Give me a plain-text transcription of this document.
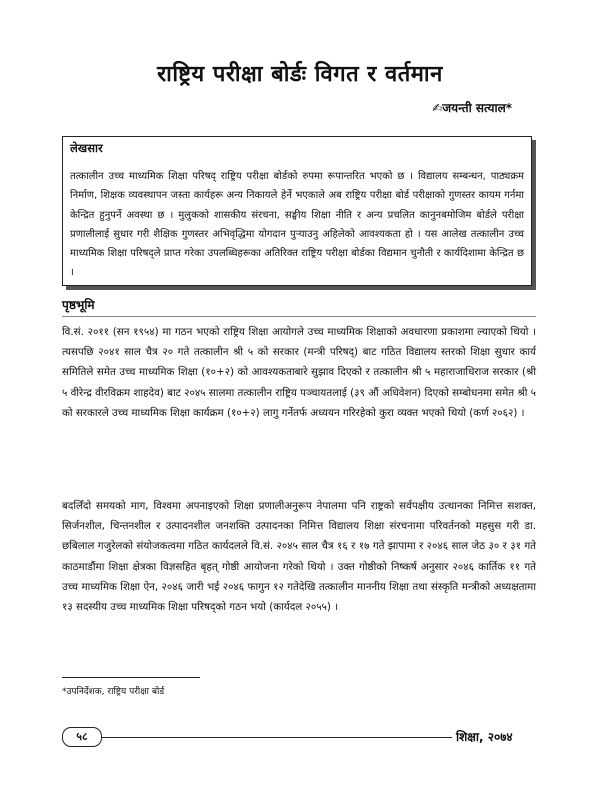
राष्ट्रिय परीक्षा बोर्डः विगत र वर्तमान
✍जयन्ती सत्याल*
लेखसार

तत्कालीन उच्च माध्यमिक शिक्षा परिषद् राष्ट्रिय परीक्षा बोर्डको रुपमा रूपान्तरित भएको छ । विद्यालय सम्बन्धन, पाठ्यक्रम निर्माण, शिक्षक व्यवस्थापन जस्ता कार्यहरू अन्य निकायले हेर्ने भएकाले अब राष्ट्रिय परीक्षा बोर्ड परीक्षाको गुणस्तर कायम गर्नमा केन्द्रित हुनुपर्ने अवस्था छ । मुलुकको शासकीय संरचना, सङ्घीय शिक्षा नीति र अन्य प्रचलित कानुनबमोजिम बोर्डले परीक्षा प्रणालीलाई सुधार गरी शैक्षिक गुणस्तर अभिवृद्धिमा योगदान पुऱ्याउनु अहिलेको आवश्यकता हो । यस आलेख तत्कालीन उच्च माध्यमिक शिक्षा परिषद्ले प्राप्त गरेका उपलब्धिहरूका अतिरिक्त राष्ट्रिय परीक्षा बोर्डका विद्यमान चुनौती र कार्यदिशामा केन्द्रित छ ।

पृष्ठभूमि

वि.सं. २०११ (सन १९५४) मा गठन भएको राष्ट्रिय शिक्षा आयोगले उच्च माध्यमिक शिक्षाको अवधारणा प्रकाशमा ल्याएको थियो । त्यसपछि २०४१ साल चैत्र २० गते तत्कालीन श्री ५ को सरकार (मन्त्री परिषद्) बाट गठित विद्यालय स्तरको शिक्षा सुधार कार्य समितिले समेत उच्च माध्यमिक शिक्षा (१०+२) को आवश्यकताबारे सुझाव दिएको र तत्कालीन श्री ५ महाराजाधिराज सरकार (श्री ५ वीरेन्द्र वीरविक्रम शाहदेव) बाट २०४५ सालमा तत्कालीन राष्ट्रिय पञ्चायतलाई (३९ औं अधिवेशन) दिएको सम्बोधनमा समेत श्री ५ को सरकारले उच्च माध्यमिक शिक्षा कार्यक्रम (१०+२) लागु गर्नेतर्फ अध्ययन गरिरहेको कुरा व्यक्त भएको थियो (कर्ण २०६२) ।

बदलिँदो समयको माग, विश्वमा अपनाइएको शिक्षा प्रणालीअनुरूप नेपालमा पनि राष्ट्रको सर्वपक्षीय उत्थानका निमित्त सशक्त, सिर्जनशील, चिन्तनशील र उत्पादनशील जनशक्ति उत्पादनका निमित्त विद्यालय शिक्षा संरचनामा परिवर्तनको महसुस गरी डा. छबिलाल गजुरेलको संयोजकत्वमा गठित कार्यदलले वि.सं. २०४५ साल चैत्र १६ र १७ गते झापामा र २०४६ साल जेठ ३० र ३१ गते काठमाडौंमा शिक्षा क्षेत्रका विज्ञसहित बृहत् गोष्ठी आयोजना गरेको थियो । उक्त गोष्ठीको निष्कर्ष अनुसार २०४६ कार्तिक ११ गते उच्च माध्यमिक शिक्षा ऐन, २०४६ जारी भई २०४६ फागुन १२ गतेदेखि तत्कालीन माननीय शिक्षा तथा संस्कृति मन्त्रीको अध्यक्षतामा १३ सदस्यीय उच्च माध्यमिक शिक्षा परिषद्को गठन भयो (कार्यदल २०५५) ।

*उपनिर्देशक, राष्ट्रिय परीक्षा बोर्ड
५८	शिक्षा, २०७४
